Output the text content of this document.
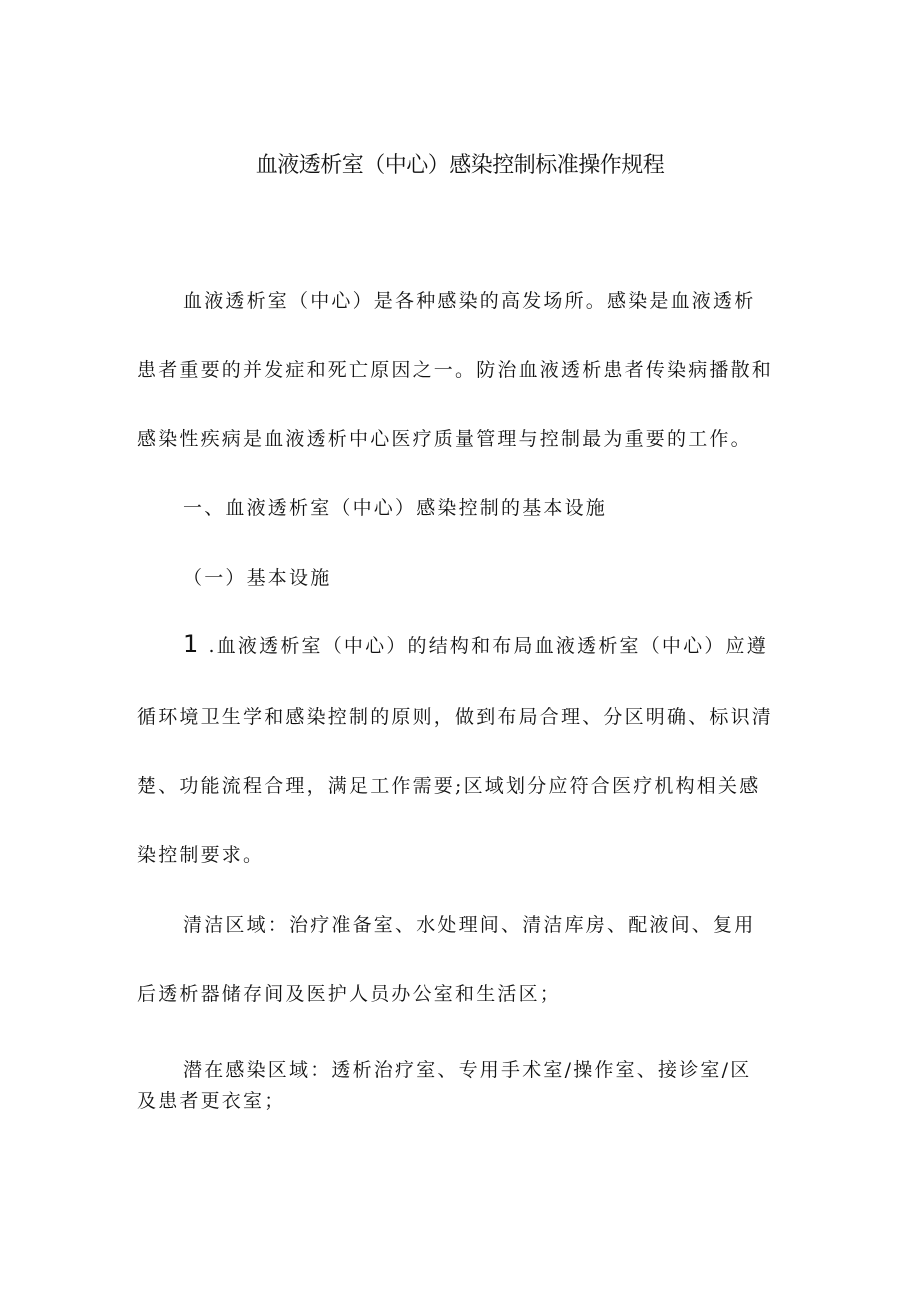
血液透析室（中心）感染控制标准操作规程
血液透析室（中心）是各种感染的高发场所。感染是血液透析
患者重要的并发症和死亡原因之一。防治血液透析患者传染病播散和
感染性疾病是血液透析中心医疗质量管理与控制最为重要的工作。
一、血液透析室（中心）感染控制的基本设施
（一）基本设施
1 .血液透析室（中心）的结构和布局血液透析室（中心）应遵
循环境卫生学和感染控制的原则，做到布局合理、分区明确、标识清
楚、功能流程合理，满足工作需要;区域划分应符合医疗机构相关感
染控制要求。
清洁区域：治疗准备室、水处理间、清洁库房、配液间、复用
后透析器储存间及医护人员办公室和生活区；
潜在感染区域：透析治疗室、专用手术室/操作室、接诊室/区
及患者更衣室；
